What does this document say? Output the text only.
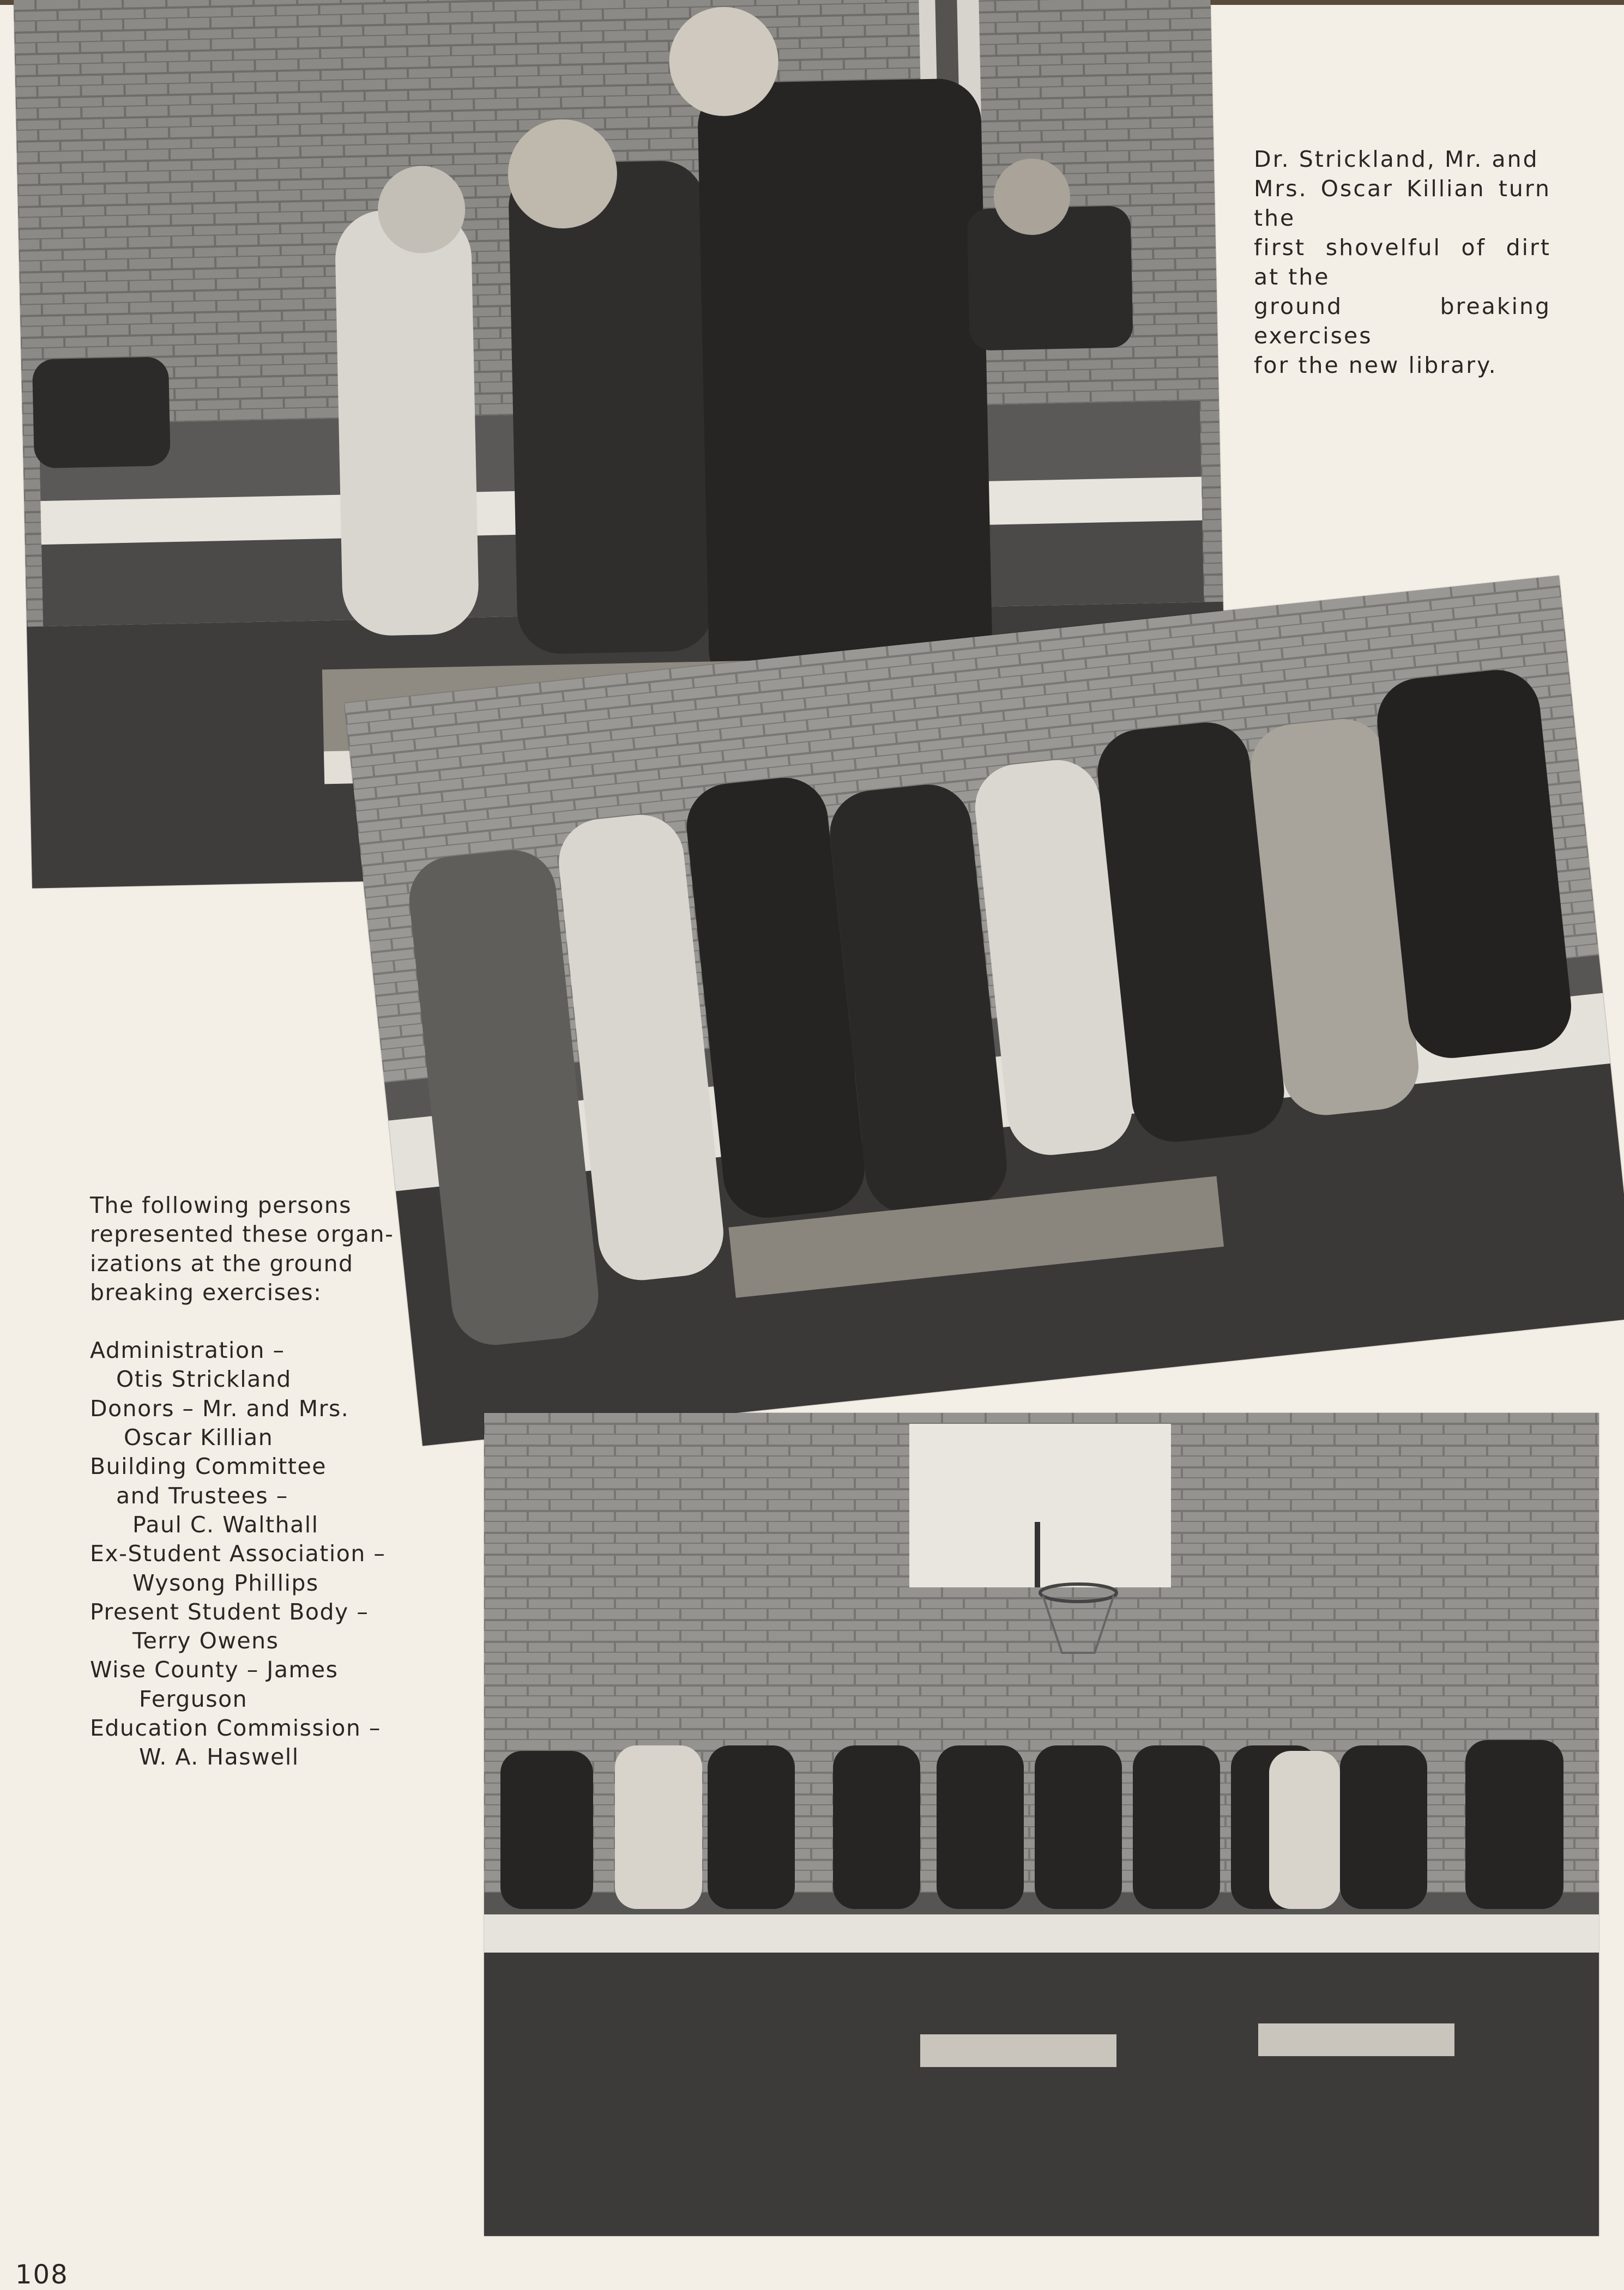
Dr. Strickland, Mr. and
Mrs. Oscar Killian turn the
first shovelful of dirt at the
ground breaking exercises
for the new library.
The following persons
represented these organ-
izations at the ground
breaking exercises:
Administration –
Otis Strickland
Donors – Mr. and Mrs.
Oscar Killian
Building Committee
and Trustees –
Paul C. Walthall
Ex-Student Association –
Wysong Phillips
Present Student Body –
Terry Owens
Wise County – James
Ferguson
Education Commission –
W. A. Haswell
108
